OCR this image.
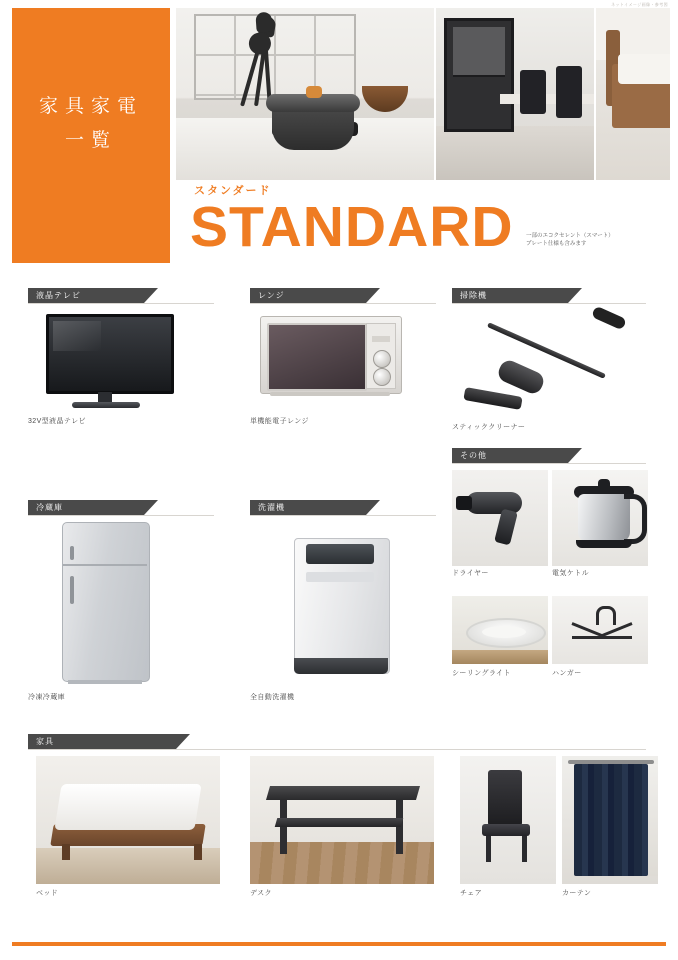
ネットイメージ画像・参考図
家具家電
一覧
スタンダード
STANDARD 一部のエコクセレント（スマート）
プレート仕様も含みます
液晶テレビ
32V型液晶テレビ
レンジ
単機能電子レンジ
掃除機
スティッククリーナー
その他
ドライヤー	電気ケトル
シーリングライト	ハンガー
冷蔵庫
冷凍冷蔵庫
洗濯機
全自動洗濯機
家具
ベッド	デスク	チェア	カーテン
